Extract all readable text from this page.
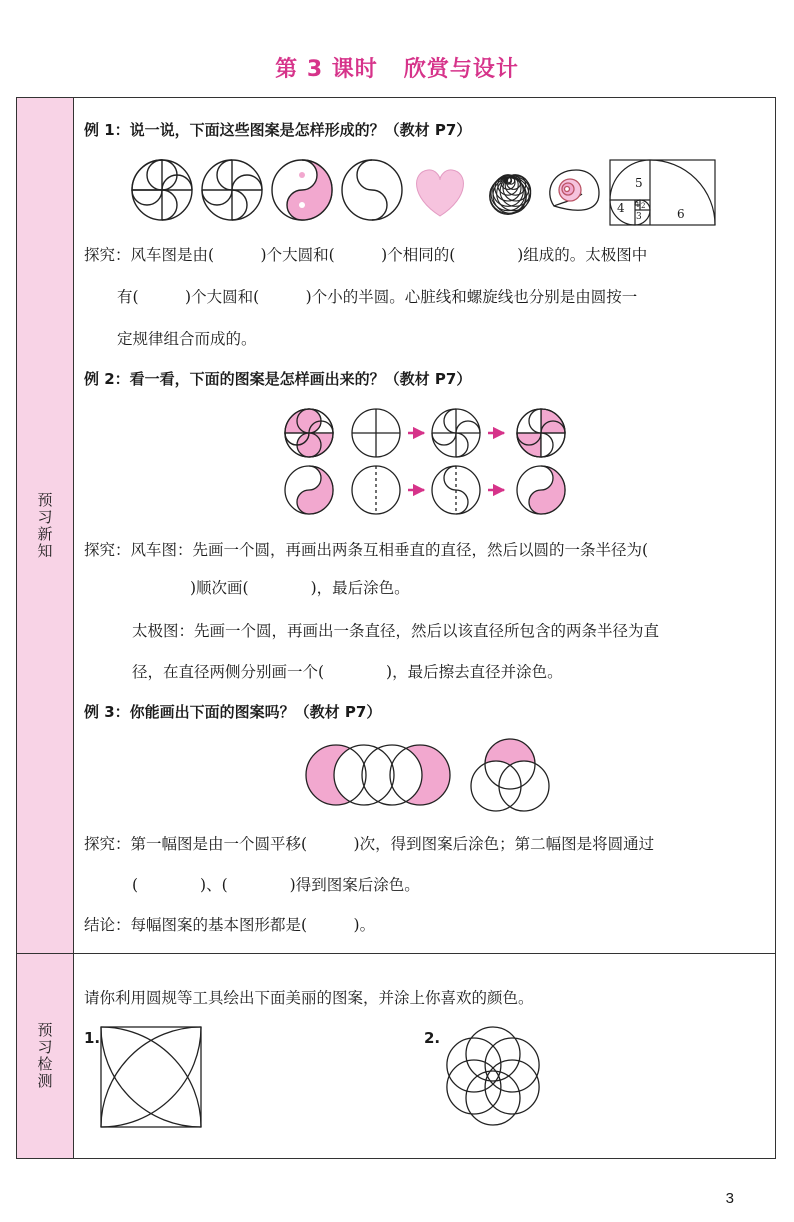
第 3 课时 欣赏与设计
预习新知
预习检测
例 1：说一说，下面这些图案是怎样形成的？（教材 P7）
5
6
4
3
2
1
探究：风车图是由(　　　)个大圆和(　　　)个相同的(　　　　)组成的。太极图中
有(　　　)个大圆和(　　　)个小的半圆。心脏线和螺旋线也分别是由圆按一
定规律组合而成的。
例 2：看一看，下面的图案是怎样画出来的？（教材 P7）
探究：风车图：先画一个圆，再画出两条互相垂直的直径，然后以圆的一条半径为(
)顺次画(　　　　)，最后涂色。
太极图：先画一个圆，再画出一条直径，然后以该直径所包含的两条半径为直
径，在直径两侧分别画一个(　　　　)，最后擦去直径并涂色。
例 3：你能画出下面的图案吗？（教材 P7）
探究：第一幅图是由一个圆平移(　　　)次，得到图案后涂色；第二幅图是将圆通过
(　　　　)、(　　　　)得到图案后涂色。
结论：每幅图案的基本图形都是(　　　)。
请你利用圆规等工具绘出下面美丽的图案，并涂上你喜欢的颜色。
1.	2.
3
